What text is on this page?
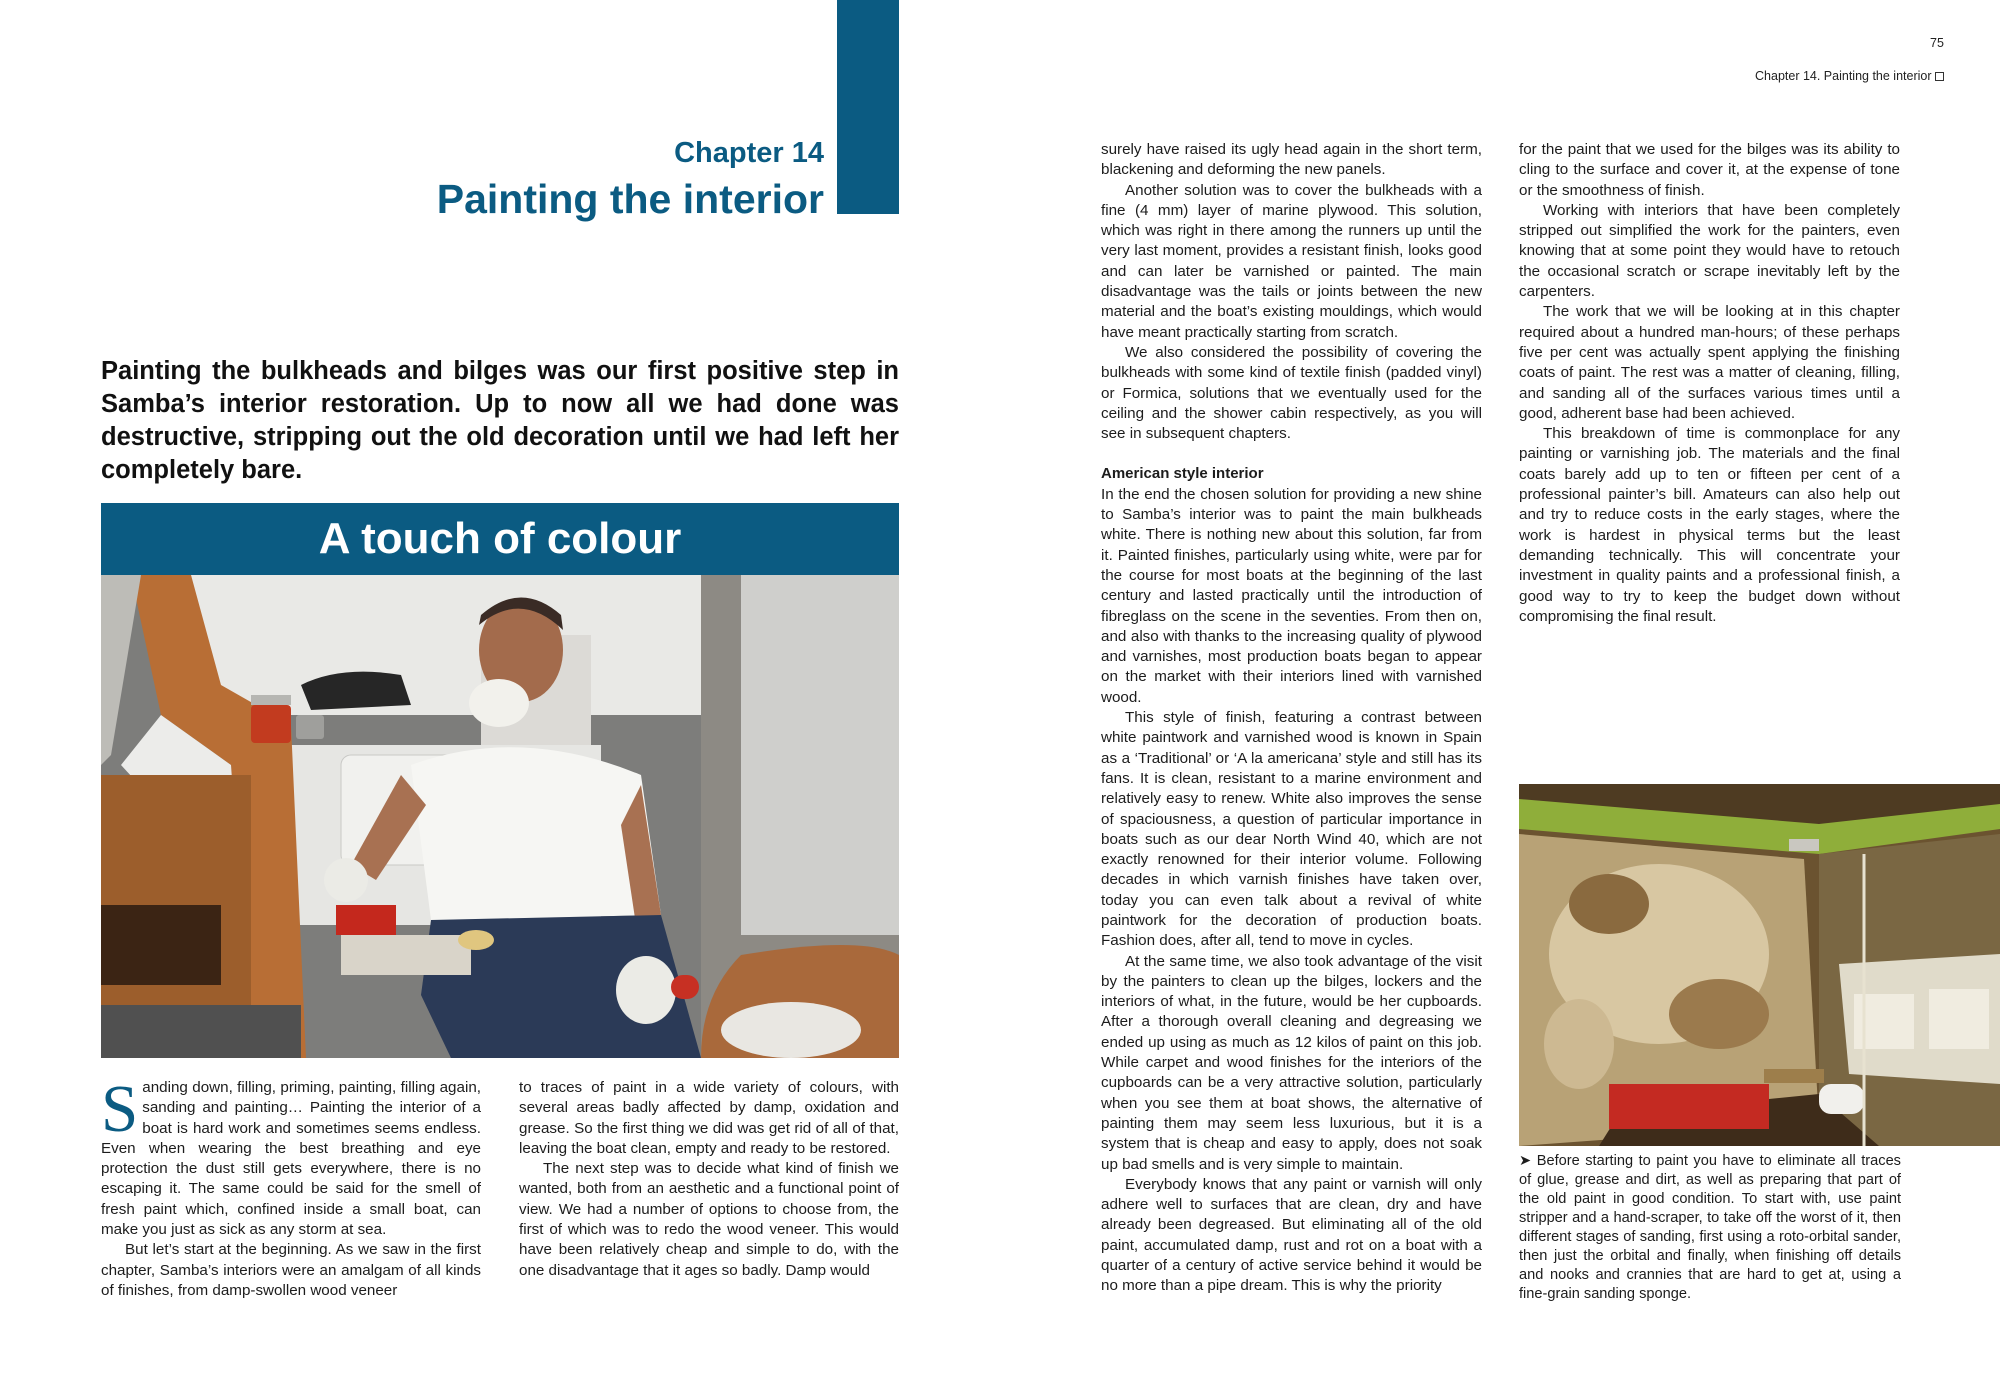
Chapter 14
Painting the interior
Painting the bulkheads and bilges was our first positive step in Samba’s interior restoration. Up to now all we had done was destructive, stripping out the old decoration until we had left her completely bare.
A touch of colour

Sanding down, filling, priming, painting, filling again, sanding and painting… Painting the interior of a boat is hard work and sometimes seems endless. Even when wearing the best breathing and eye protection the dust still gets everywhere, there is no escaping it. The same could be said for the smell of fresh paint which, confined inside a small boat, can make you just as sick as any storm at sea.

But let’s start at the beginning. As we saw in the first chapter, Samba’s interiors were an amalgam of all kinds of finishes, from damp-swollen wood veneer

to traces of paint in a wide variety of colours, with several areas badly affected by damp, oxidation and grease. So the first thing we did was get rid of all of that, leaving the boat clean, empty and ready to be restored.

The next step was to decide what kind of finish we wanted, both from an aesthetic and a functional point of view. We had a number of options to choose from, the first of which was to redo the wood veneer. This would have been relatively cheap and simple to do, with the one disadvantage that it ages so badly. Damp would

75
Chapter 14. Painting the interior

surely have raised its ugly head again in the short term, blackening and deforming the new panels.

Another solution was to cover the bulkheads with a fine (4 mm) layer of marine plywood. This solution, which was right in there among the runners up until the very last moment, provides a resistant finish, looks good and can later be varnished or painted. The main disadvantage was the tails or joints between the new material and the boat’s existing mouldings, which would have meant practically starting from scratch.

We also considered the possibility of covering the bulkheads with some kind of textile finish (padded vinyl) or Formica, solutions that we eventually used for the ceiling and the shower cabin respectively, as you will see in subsequent chapters.

American style interior

In the end the chosen solution for providing a new shine to Samba’s interior was to paint the main bulkheads white. There is nothing new about this solution, far from it. Painted finishes, particularly using white, were par for the course for most boats at the beginning of the last century and lasted practically until the introduction of fibreglass on the scene in the seventies. From then on, and also with thanks to the increasing quality of plywood and varnishes, most production boats began to appear on the market with their interiors lined with varnished wood.

This style of finish, featuring a contrast between white paintwork and varnished wood is known in Spain as a ‘Traditional’ or ‘A la americana’ style and still has its fans. It is clean, resistant to a marine environment and relatively easy to renew. White also improves the sense of spaciousness, a question of particular importance in boats such as our dear North Wind 40, which are not exactly renowned for their interior volume. Following decades in which varnish finishes have taken over, today you can even talk about a revival of white paintwork for the decoration of production boats. Fashion does, after all, tend to move in cycles.

At the same time, we also took advantage of the visit by the painters to clean up the bilges, lockers and the interiors of what, in the future, would be her cupboards. After a thorough overall cleaning and degreasing we ended up using as much as 12 kilos of paint on this job. While carpet and wood finishes for the interiors of the cupboards can be a very attractive solution, particularly when you see them at boat shows, the alternative of painting them may seem less luxurious, but it is a system that is cheap and easy to apply, does not soak up bad smells and is very simple to maintain.

Everybody knows that any paint or varnish will only adhere well to surfaces that are clean, dry and have already been degreased. But eliminating all of the old paint, accumulated damp, rust and rot on a boat with a quarter of a century of active service behind it would be no more than a pipe dream. This is why the priority

for the paint that we used for the bilges was its ability to cling to the surface and cover it, at the expense of tone or the smoothness of finish.

Working with interiors that have been completely stripped out simplified the work for the painters, even knowing that at some point they would have to retouch the occasional scratch or scrape inevitably left by the carpenters.

The work that we will be looking at in this chapter required about a hundred man-hours; of these perhaps five per cent was actually spent applying the finishing coats of paint. The rest was a matter of cleaning, filling, and sanding all of the surfaces various times until a good, adherent base had been achieved.

This breakdown of time is commonplace for any painting or varnishing job. The materials and the final coats barely add up to ten or fifteen per cent of a professional painter’s bill. Amateurs can also help out and try to reduce costs in the early stages, where the work is hardest in physical terms but the least demanding technically. This will concentrate your investment in quality paints and a professional finish, a good way to try to keep the budget down without compromising the final result.

➤ Before starting to paint you have to eliminate all traces of glue, grease and dirt, as well as preparing that part of the old paint in good condition. To start with, use paint stripper and a hand-scraper, to take off the worst of it, then different stages of sanding, first using a roto-orbital sander, then just the orbital and finally, when finishing off details and nooks and crannies that are hard to get at, using a fine-grain sanding sponge.
